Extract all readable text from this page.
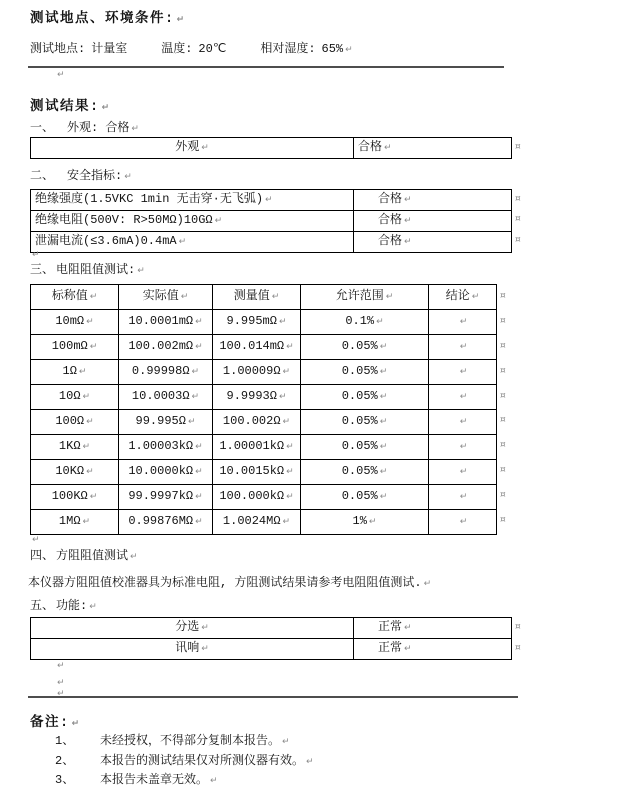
测试地点、环境条件: ↵
测试地点: 计量室	温度: 20℃	相对湿度: 65% ↵
↵
测试结果: ↵
一、 外观: 合格 ↵
外观 ↵	合格 ↵	¤
二、 安全指标: ↵
绝缘强度(1.5VKC 1min 无击穿·无飞弧) ↵	合格 ↵
绝缘电阻(500V: R>50MΩ)10GΩ ↵	合格 ↵
泄漏电流(≤3.6mA)0.4mA ↵	合格 ↵
¤
¤
¤
↵
三、 电阻阻值测试: ↵
标称值 ↵	实际值 ↵	测量值 ↵	允许范围 ↵	结论 ↵
10mΩ ↵	10.0001mΩ ↵	9.995mΩ ↵	0.1% ↵	↵
100mΩ ↵	100.002mΩ ↵	100.014mΩ ↵	0.05% ↵	↵
1Ω ↵	0.99998Ω ↵	1.00009Ω ↵	0.05% ↵	↵
10Ω ↵	10.0003Ω ↵	9.9993Ω ↵	0.05% ↵	↵
100Ω ↵	99.995Ω ↵	100.002Ω ↵	0.05% ↵	↵
1KΩ ↵	1.00003kΩ ↵	1.00001kΩ ↵	0.05% ↵	↵
10KΩ ↵	10.0000kΩ ↵	10.0015kΩ ↵	0.05% ↵	↵
100KΩ ↵	99.9997kΩ ↵	100.000kΩ ↵	0.05% ↵	↵
1MΩ ↵	0.99876MΩ ↵	1.0024MΩ ↵	1% ↵	↵
¤
¤
¤
¤
¤
¤
¤
¤
¤
¤
↵
四、 方阻阻值测试 ↵
本仪器方阻阻值校准器具为标准电阻, 方阻测试结果请参考电阻阻值测试. ↵
五、 功能: ↵
分选 ↵	正常 ↵
讯响 ↵	正常 ↵
¤
¤
↵
↵
↵
备注: ↵
1、 未经授权，不得部分复制本报告。 ↵
2、 本报告的测试结果仅对所测仪器有效。 ↵
3、 本报告未盖章无效。 ↵
